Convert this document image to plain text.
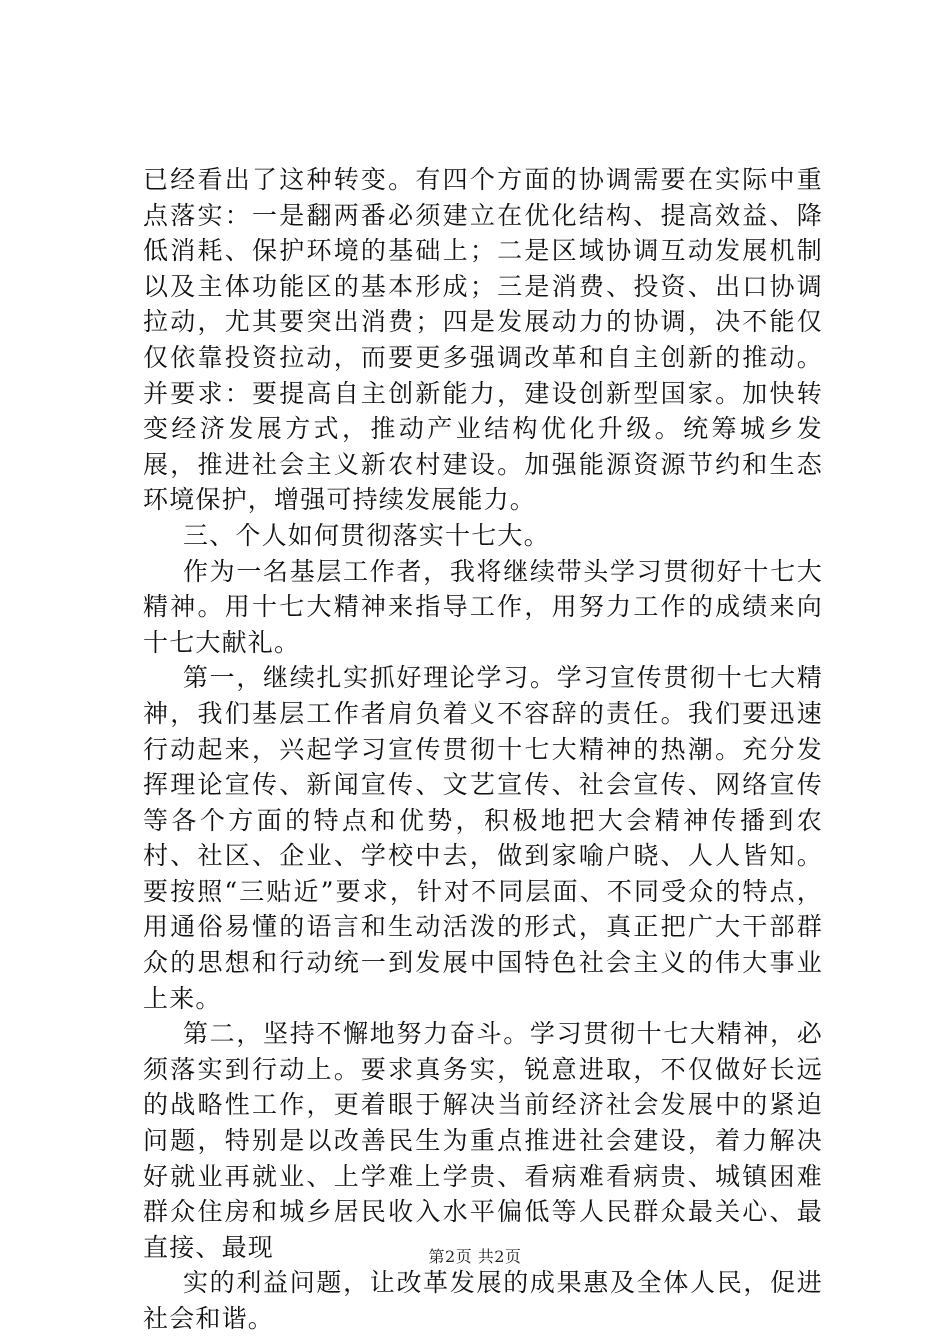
已经看出了这种转变。有四个方面的协调需要在实际中重点落实：一是翻两番必须建立在优化结构、提高效益、降低消耗、保护环境的基础上；二是区域协调互动发展机制以及主体功能区的基本形成；三是消费、投资、出口协调拉动，尤其要突出消费；四是发展动力的协调，决不能仅仅依靠投资拉动，而要更多强调改革和自主创新的推动。并要求：要提高自主创新能力，建设创新型国家。加快转变经济发展方式，推动产业结构优化升级。统筹城乡发展，推进社会主义新农村建设。加强能源资源节约和生态环境保护，增强可持续发展能力。

三、个人如何贯彻落实十七大。

作为一名基层工作者，我将继续带头学习贯彻好十七大精神。用十七大精神来指导工作，用努力工作的成绩来向十七大献礼。

第一，继续扎实抓好理论学习。学习宣传贯彻十七大精神，我们基层工作者肩负着义不容辞的责任。我们要迅速行动起来，兴起学习宣传贯彻十七大精神的热潮。充分发挥理论宣传、新闻宣传、文艺宣传、社会宣传、网络宣传等各个方面的特点和优势，积极地把大会精神传播到农村、社区、企业、学校中去，做到家喻户晓、人人皆知。要按照“三贴近”要求，针对不同层面、不同受众的特点，用通俗易懂的语言和生动活泼的形式，真正把广大干部群众的思想和行动统一到发展中国特色社会主义的伟大事业上来。

第二，坚持不懈地努力奋斗。学习贯彻十七大精神，必须落实到行动上。要求真务实，锐意进取，不仅做好长远的战略性工作，更着眼于解决当前经济社会发展中的紧迫问题，特别是以改善民生为重点推进社会建设，着力解决好就业再就业、上学难上学贵、看病难看病贵、城镇困难群众住房和城乡居民收入水平偏低等人民群众最关心、最直接、最现

实的利益问题，让改革发展的成果惠及全体人民，促进社会和谐。

第2页 共2页
